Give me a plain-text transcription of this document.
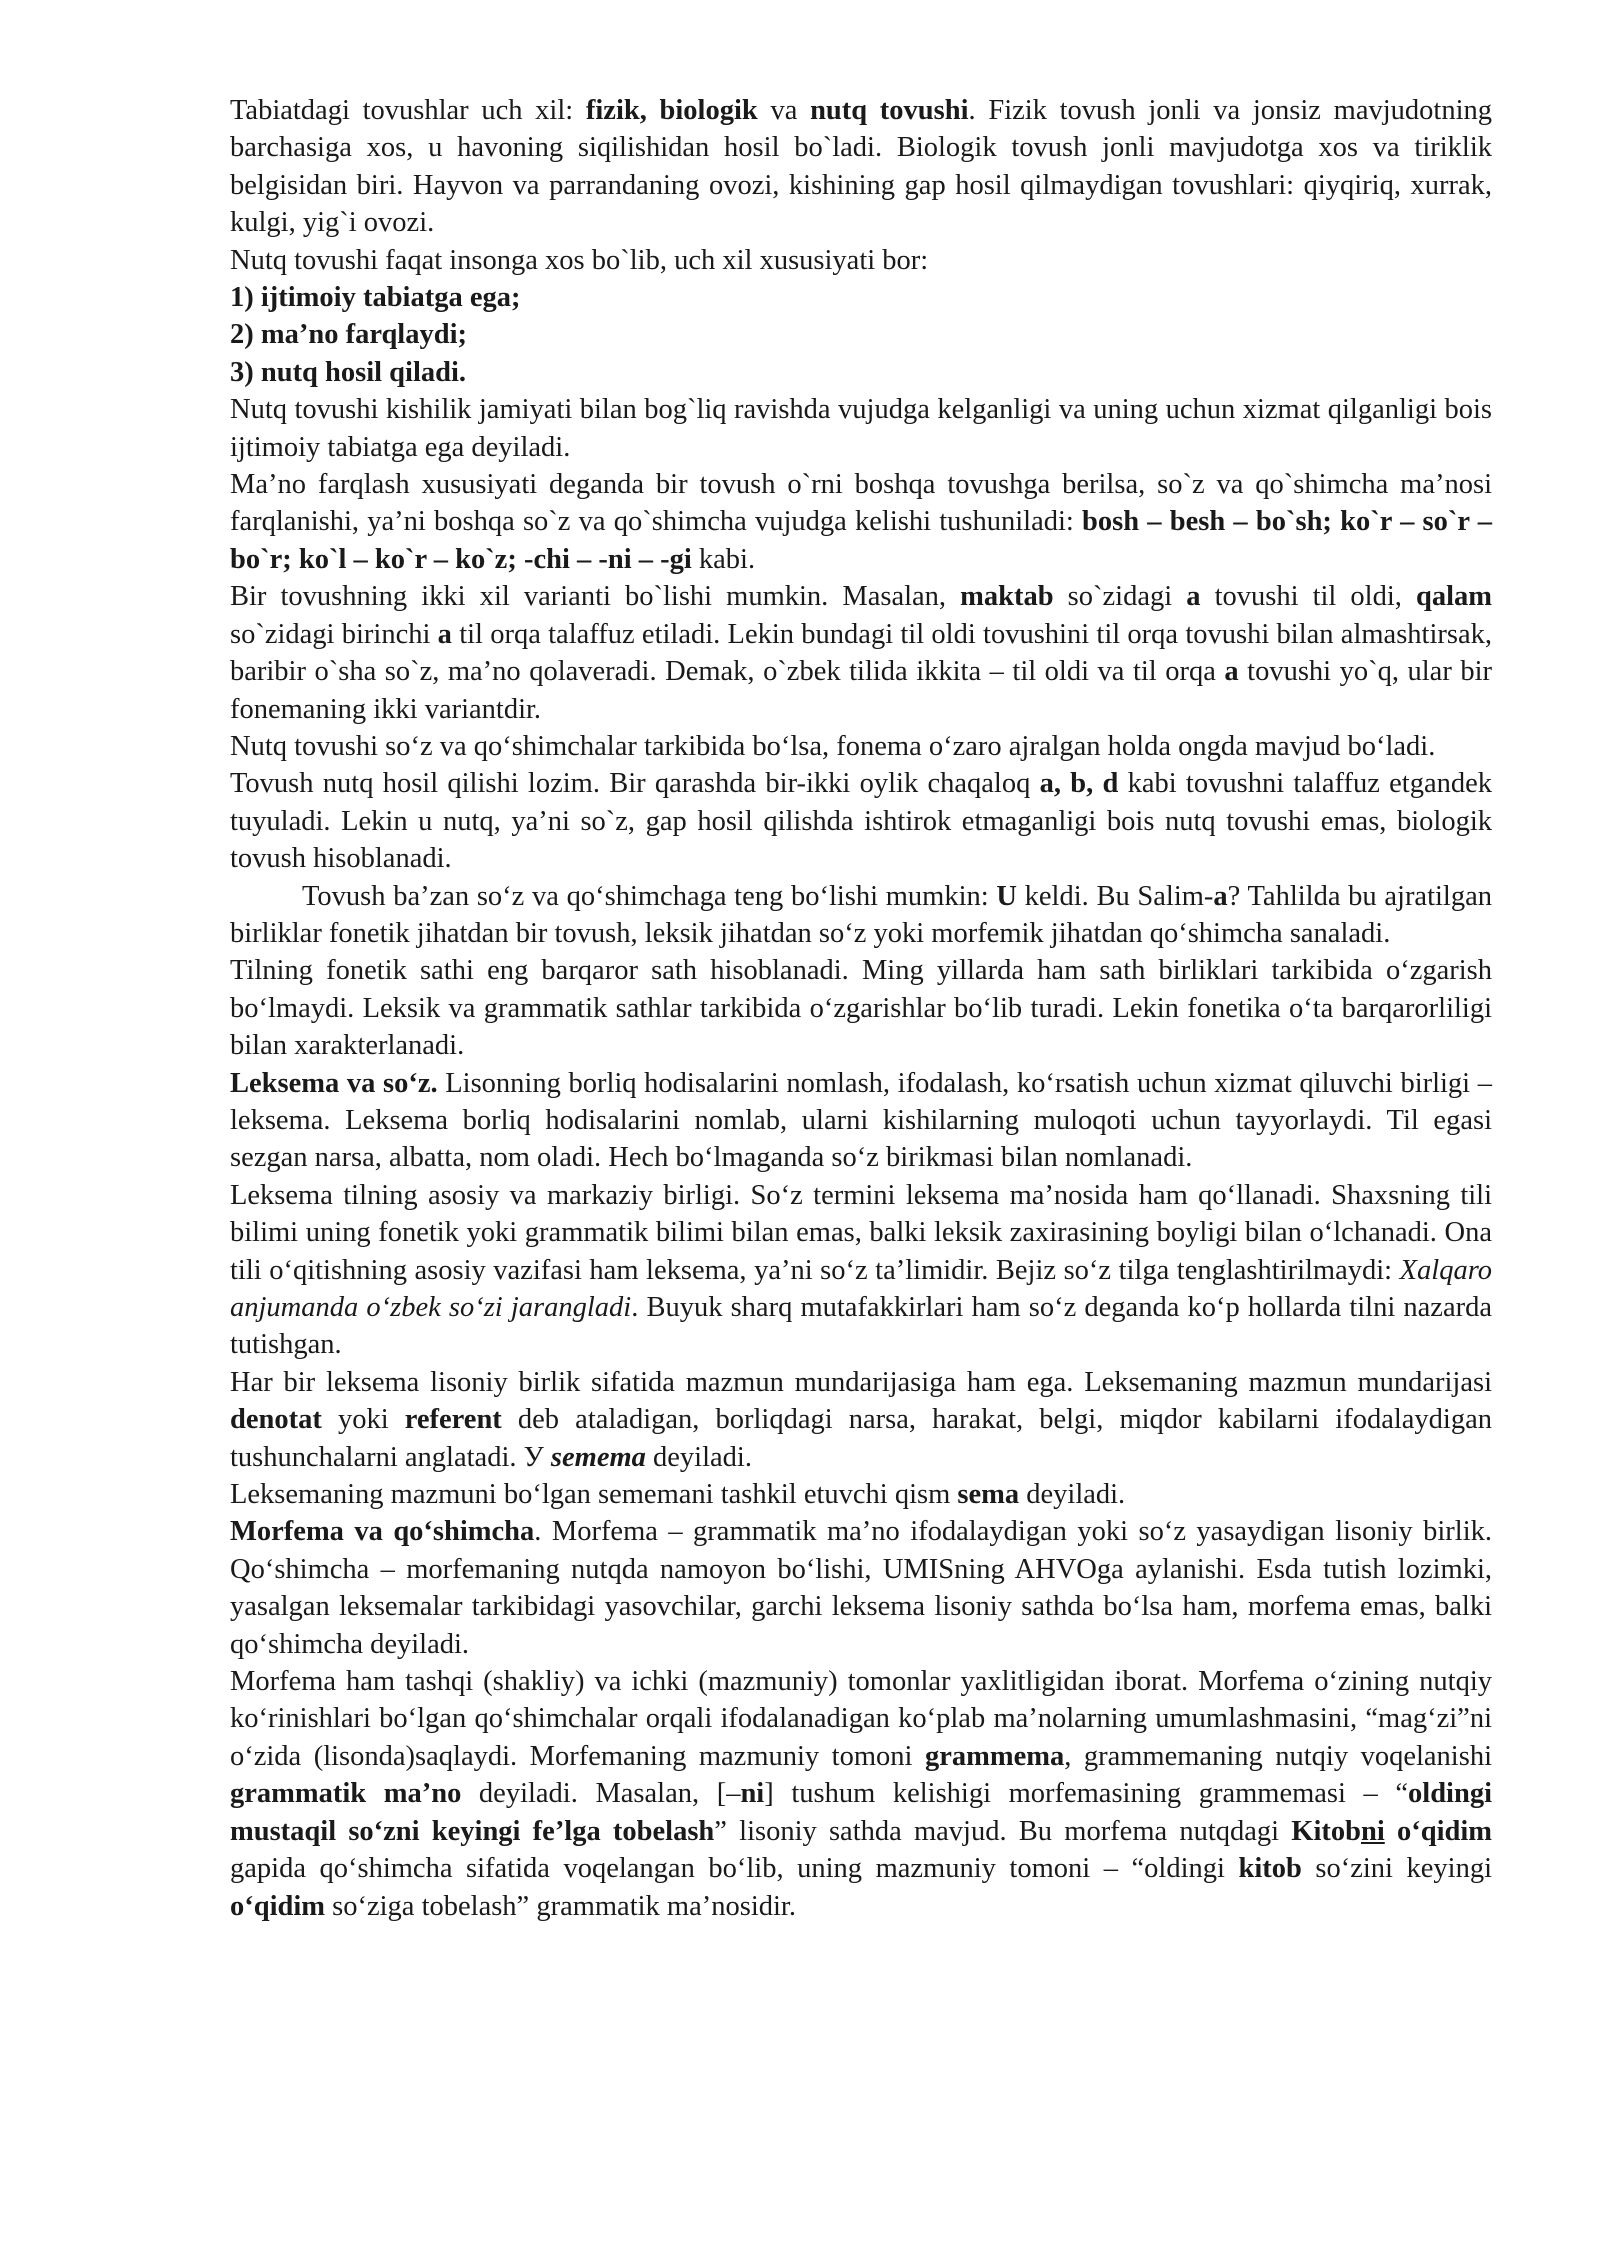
Tabiatdagi tovushlar uch xil: fizik, biologik va nutq tovushi. Fizik tovush jonli va jonsiz mavjudotning barchasiga xos, u havoning siqilishidan hosil bo`ladi. Biologik tovush jonli mavjudotga xos va tiriklik belgisidan biri. Hayvon va parrandaning ovozi, kishining gap hosil qilmaydigan tovushlari: qiyqiriq, xurrak, kulgi, yig`i ovozi.

Nutq tovushi faqat insonga xos bo`lib, uch xil xususiyati bor:

1) ijtimoiy tabiatga ega;

2) ma’no farqlaydi;

3) nutq hosil qiladi.

Nutq tovushi kishilik jamiyati bilan bog`liq ravishda vujudga kelganligi va uning uchun xizmat qilganligi bois ijtimoiy tabiatga ega deyiladi.

Ma’no farqlash xususiyati deganda bir tovush o`rni boshqa tovushga berilsa, so`z va qo`shimcha ma’nosi farqlanishi, ya’ni boshqa so`z va qo`shimcha vujudga kelishi tushuniladi: bosh – besh – bo`sh; ko`r – so`r – bo`r; ko`l – ko`r – ko`z; -chi – -ni – -gi kabi.

Bir tovushning ikki xil varianti bo`lishi mumkin. Masalan, maktab so`zidagi a tovushi til oldi, qalam so`zidagi birinchi a til orqa talaffuz etiladi. Lekin bundagi til oldi tovushini til orqa tovushi bilan almashtirsak, baribir o`sha so`z, ma’no qolaveradi. Demak, o`zbek tilida ikkita – til oldi va til orqa a tovushi yo`q, ular bir fonemaning ikki variantdir.

Nutq tovushi so‘z va qo‘shimchalar tarkibida bo‘lsa, fonema o‘zaro ajralgan holda ongda mavjud bo‘ladi.

Tovush nutq hosil qilishi lozim. Bir qarashda bir-ikki oylik chaqaloq a, b, d kabi tovushni talaffuz etgandek tuyuladi. Lekin u nutq, ya’ni so`z, gap hosil qilishda ishtirok etmaganligi bois nutq tovushi emas, biologik tovush hisoblanadi.

Tovush ba’zan so‘z va qo‘shimchaga teng bo‘lishi mumkin: U keldi. Bu Salim-a? Tahlilda bu ajratilgan birliklar fonetik jihatdan bir tovush, leksik jihatdan so‘z yoki morfemik jihatdan qo‘shimcha sanaladi.

Tilning fonetik sathi eng barqaror sath hisoblanadi. Ming yillarda ham sath birliklari tarkibida o‘zgarish bo‘lmaydi. Leksik va grammatik sathlar tarkibida o‘zgarishlar bo‘lib turadi. Lekin fonetika o‘ta barqarorliligi bilan xarakterlanadi.

Leksema va so‘z. Lisonning borliq hodisalarini nomlash, ifodalash, ko‘rsatish uchun xizmat qiluvchi birligi – leksema. Leksema borliq hodisalarini nomlab, ularni kishilarning muloqoti uchun tayyorlaydi. Til egasi sezgan narsa, albatta, nom oladi. Hech bo‘lmaganda so‘z birikmasi bilan nomlanadi.

Leksema tilning asosiy va markaziy birligi. So‘z termini leksema ma’nosida ham qo‘llanadi. Shaxsning tili bilimi uning fonetik yoki grammatik bilimi bilan emas, balki leksik zaxirasining boyligi bilan o‘lchanadi. Ona tili o‘qitishning asosiy vazifasi ham leksema, ya’ni so‘z ta’limidir. Bejiz so‘z tilga tenglashtirilmaydi: Xalqaro anjumanda o‘zbek so‘zi jarangladi. Buyuk sharq mutafakkirlari ham so‘z deganda ko‘p hollarda tilni nazarda tutishgan.

Har bir leksema lisoniy birlik sifatida mazmun mundarijasiga ham ega. Leksemaning mazmun mundarijasi denotat yoki referent deb ataladigan, borliqdagi narsa, harakat, belgi, miqdor kabilarni ifodalaydigan tushunchalarni anglatadi. У semema deyiladi.

Leksemaning mazmuni bo‘lgan sememani tashkil etuvchi qism sema deyiladi.

Morfema va qo‘shimcha. Morfema – grammatik ma’no ifodalaydigan yoki so‘z yasaydigan lisoniy birlik. Qo‘shimcha – morfemaning nutqda namoyon bo‘lishi, UMISning AHVOga aylanishi. Esda tutish lozimki, yasalgan leksemalar tarkibidagi yasovchilar, garchi leksema lisoniy sathda bo‘lsa ham, morfema emas, balki qo‘shimcha deyiladi.

Morfema ham tashqi (shakliy) va ichki (mazmuniy) tomonlar yaxlitligidan iborat. Morfema o‘zining nutqiy ko‘rinishlari bo‘lgan qo‘shimchalar orqali ifodalanadigan ko‘plab ma’nolarning umumlashmasini, “mag‘zi”ni o‘zida (lisonda)saqlaydi. Morfemaning mazmuniy tomoni grammema, grammemaning nutqiy voqelanishi grammatik ma’no deyiladi. Masalan, [–ni] tushum kelishigi morfemasining grammemasi – “oldingi mustaqil so‘zni keyingi fe’lga tobelash” lisoniy sathda mavjud. Bu morfema nutqdagi Kitobni o‘qidim gapida qo‘shimcha sifatida voqelangan bo‘lib, uning mazmuniy tomoni – “oldingi kitob so‘zini keyingi o‘qidim so‘ziga tobelash” grammatik ma’nosidir.
